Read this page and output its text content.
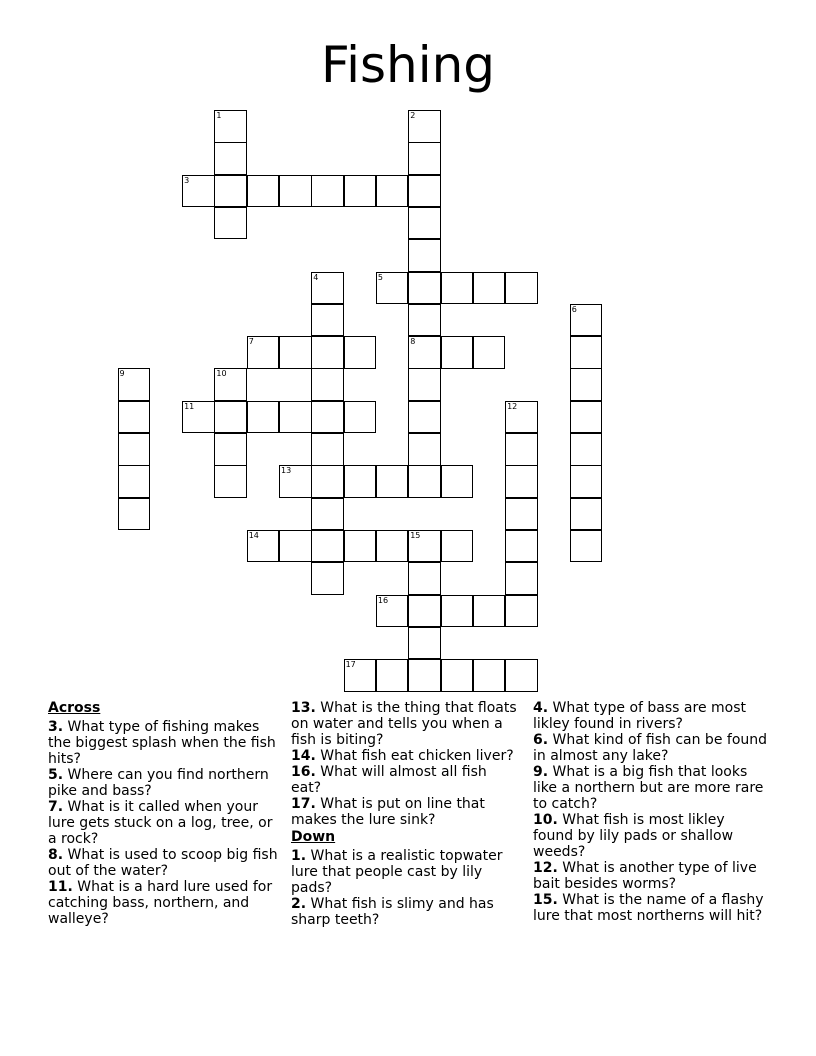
Fishing
1	2
8
3
4	5
6
7
9	10
11	12
13
14	15
16
17

Across

3. What type of fishing makes the biggest splash when the fish hits?

5. Where can you find northern pike and bass?

7. What is it called when your lure gets stuck on a log, tree, or a rock?

8. What is used to scoop big fish out of the water?

11. What is a hard lure used for catching bass, northern, and walleye?

13. What is the thing that floats on water and tells you when a fish is biting?

14. What fish eat chicken liver?

16. What will almost all fish eat?

17. What is put on line that makes the lure sink?

Down

1. What is a realistic topwater lure that people cast by lily pads?

2. What fish is slimy and has sharp teeth?

4. What type of bass are most likley found in rivers?

6. What kind of fish can be found in almost any lake?

9. What is a big fish that looks like a northern but are more rare to catch?

10. What fish is most likley found by lily pads or shallow weeds?

12. What is another type of live bait besides worms?

15. What is the name of a flashy lure that most northerns will hit?
